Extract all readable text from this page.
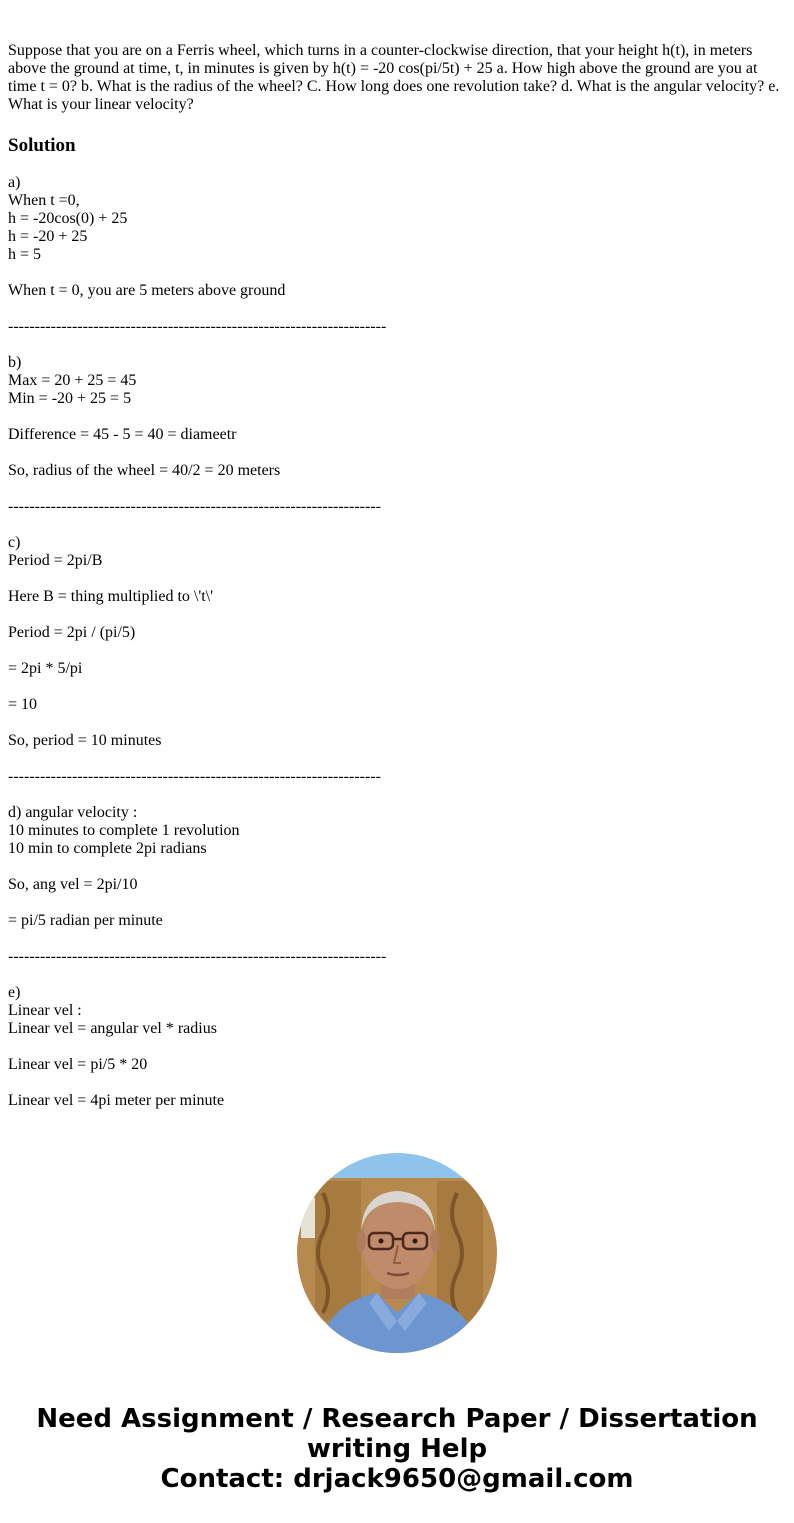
Suppose that you are on a Ferris wheel, which turns in a counter-clockwise direction, that your height h(t), in meters above the ground at time, t, in minutes is given by h(t) = -20 cos(pi/5t) + 25 a. How high above the ground are you at time t = 0? b. What is the radius of the wheel? C. How long does one revolution take? d. What is the angular velocity? e. What is your linear velocity?

Solution
a)
When t =0,
h = -20cos(0) + 25
h = -20 + 25
h = 5
When t = 0, you are 5 meters above ground
-----------------------------------------------------------------------
b)
Max = 20 + 25 = 45
Min = -20 + 25 = 5
Difference = 45 - 5 = 40 = diameetr
So, radius of the wheel = 40/2 = 20 meters
----------------------------------------------------------------------
c)
Period = 2pi/B
Here B = thing multiplied to \'t\'
Period = 2pi / (pi/5)
= 2pi * 5/pi
= 10
So, period = 10 minutes
----------------------------------------------------------------------
d) angular velocity :
10 minutes to complete 1 revolution
10 min to complete 2pi radians
So, ang vel = 2pi/10
= pi/5 radian per minute
-----------------------------------------------------------------------
e)
Linear vel :
Linear vel = angular vel * radius
Linear vel = pi/5 * 20
Linear vel = 4pi meter per minute
Need Assignment / Research Paper / Dissertation
writing Help
Contact: drjack9650@gmail.com
